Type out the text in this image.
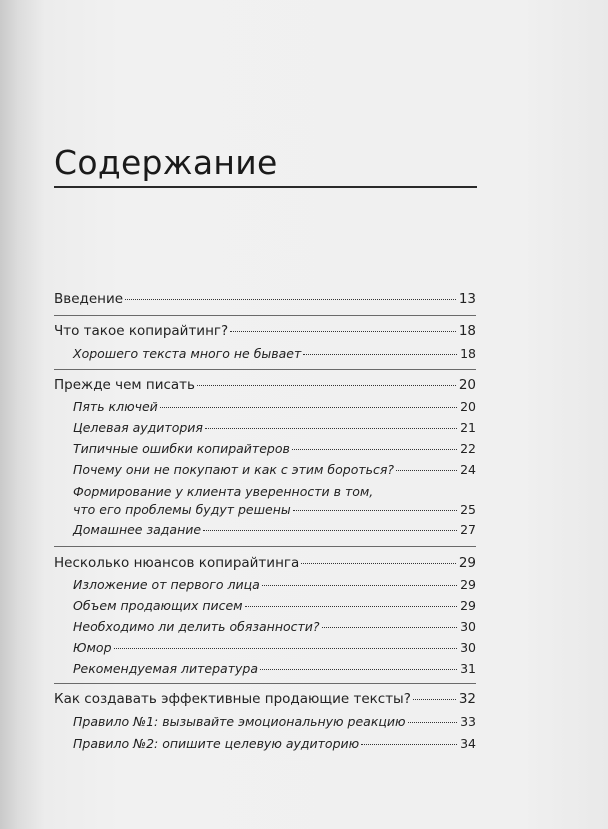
Содержание
Введение	13
Что такое копирайтинг?	18
Хорошего текста много не бывает	18
Прежде чем писать	20
Пять ключей	20
Целевая аудитория	21
Типичные ошибки копирайтеров	22
Почему они не покупают и как с этим бороться?	24
Формирование у клиента уверенности в том,
что его проблемы будут решены	25
Домашнее задание	27
Несколько нюансов копирайтинга	29
Изложение от первого лица	29
Объем продающих писем	29
Необходимо ли делить обязанности?	30
Юмор	30
Рекомендуемая литература	31
Как создавать эффективные продающие тексты?	32
Правило №1: вызывайте эмоциональную реакцию	33
Правило №2: опишите целевую аудиторию	34
